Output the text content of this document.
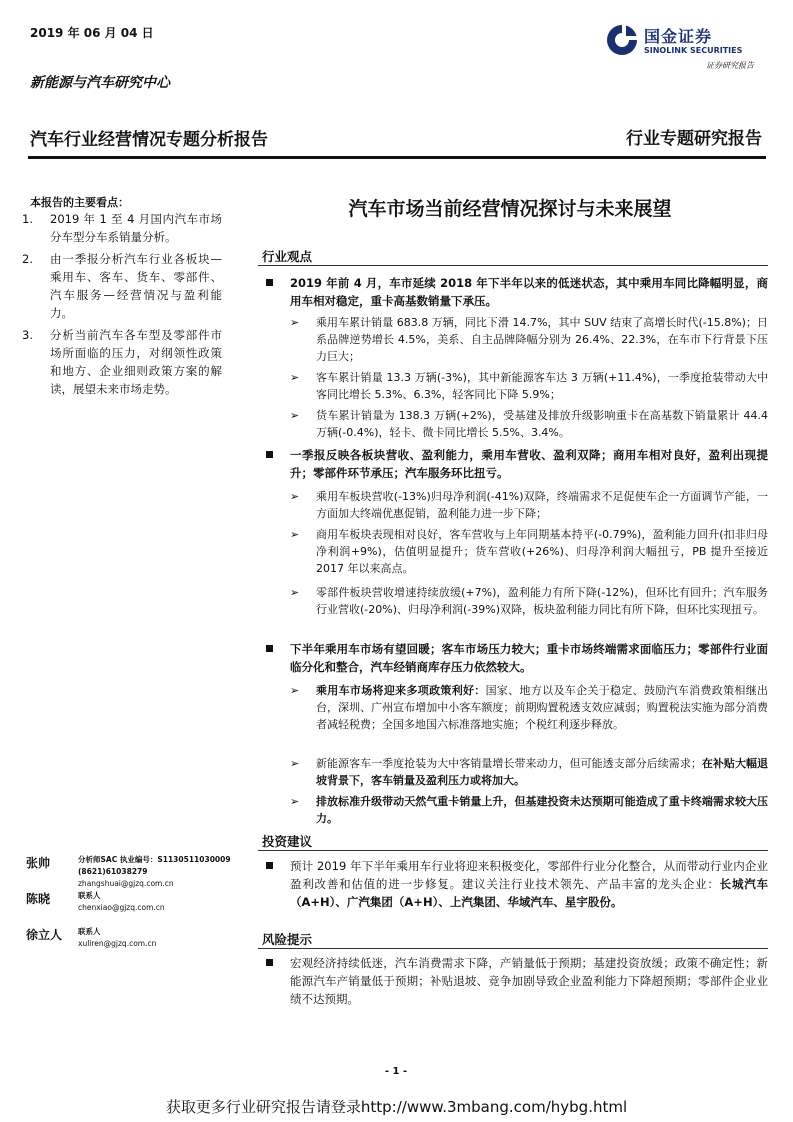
2019 年 06 月 04 日
新能源与汽车研究中心
国金证券
SINOLINK SECURITIES
证券研究报告
汽车行业经营情况专题分析报告	行业专题研究报告
本报告的主要看点：
1. 2019 年 1 至 4 月国内汽车市场分车型分车系销量分析。
2. 由一季报分析汽车行业各板块—乘用车、客车、货车、零部件、汽车服务—经营情况与盈利能力。
3. 分析当前汽车各车型及零部件市场所面临的压力，对纲领性政策和地方、企业细则政策方案的解读，展望未来市场走势。
汽车市场当前经营情况探讨与未来展望
行业观点
2019 年前 4 月，车市延续 2018 年下半年以来的低迷状态，其中乘用车同比降幅明显，商用车相对稳定，重卡高基数销量下承压。
➢	乘用车累计销量 683.8 万辆，同比下滑 14.7%，其中 SUV 结束了高增长时代(-15.8%)；日系品牌逆势增长 4.5%，美系、自主品牌降幅分别为 26.4%、22.3%，在车市下行背景下压力巨大；
➢	客车累计销量 13.3 万辆(-3%)，其中新能源客车达 3 万辆(+11.4%)，一季度抢装带动大中客同比增长 5.3%、6.3%，轻客同比下降 5.9%；
➢	货车累计销量为 138.3 万辆(+2%)，受基建及排放升级影响重卡在高基数下销量累计 44.4 万辆(-0.4%)，轻卡、微卡同比增长 5.5%、3.4%。
一季报反映各板块营收、盈利能力，乘用车营收、盈利双降；商用车相对良好，盈利出现提升；零部件环节承压；汽车服务环比扭亏。
➢	乘用车板块营收(-13%)归母净利润(-41%)双降，终端需求不足促使车企一方面调节产能，一方面加大终端优惠促销，盈利能力进一步下降；
➢	商用车板块表现相对良好，客车营收与上年同期基本持平(-0.79%)，盈利能力回升(扣非归母净利润+9%)，估值明显提升；货车营收(+26%)、归母净利润大幅扭亏，PB 提升至接近 2017 年以来高点。
➢	零部件板块营收增速持续放缓(+7%)，盈利能力有所下降(-12%)，但环比有回升；汽车服务行业营收(-20%)、归母净利润(-39%)双降，板块盈利能力同比有所下降，但环比实现扭亏。
下半年乘用车市场有望回暖；客车市场压力较大；重卡市场终端需求面临压力；零部件行业面临分化和整合，汽车经销商库存压力依然较大。
➢	乘用车市场将迎来多项政策利好：国家、地方以及车企关于稳定、鼓励汽车消费政策相继出台，深圳、广州宣布增加中小客车额度；前期购置税透支效应减弱；购置税法实施为部分消费者减轻税费；全国多地国六标准落地实施；个税红利逐步释放。
➢	新能源客车一季度抢装为大中客销量增长带来动力，但可能透支部分后续需求；在补贴大幅退坡背景下，客车销量及盈利压力或将加大。
➢	排放标准升级带动天然气重卡销量上升，但基建投资未达预期可能造成了重卡终端需求较大压力。
投资建议
预计 2019 年下半年乘用车行业将迎来积极变化，零部件行业分化整合，从而带动行业内企业盈利改善和估值的进一步修复。建议关注行业技术领先、产品丰富的龙头企业：长城汽车（A+H）、广汽集团（A+H）、上汽集团、华域汽车、星宇股份。
风险提示
宏观经济持续低迷，汽车消费需求下降，产销量低于预期；基建投资放缓；政策不确定性；新能源汽车产销量低于预期；补贴退坡、竞争加剧导致企业盈利能力下降超预期；零部件企业业绩不达预期。
张帅	分析师SAC 执业编号：S1130511030009
(8621)61038279
zhangshuai@gjzq.com.cn
陈晓	联系人
chenxiao@gjzq.com.cn
徐立人 联系人
xuliren@gjzq.com.cn
- 1 -
获取更多行业研究报告请登录http://www.3mbang.com/hybg.html
